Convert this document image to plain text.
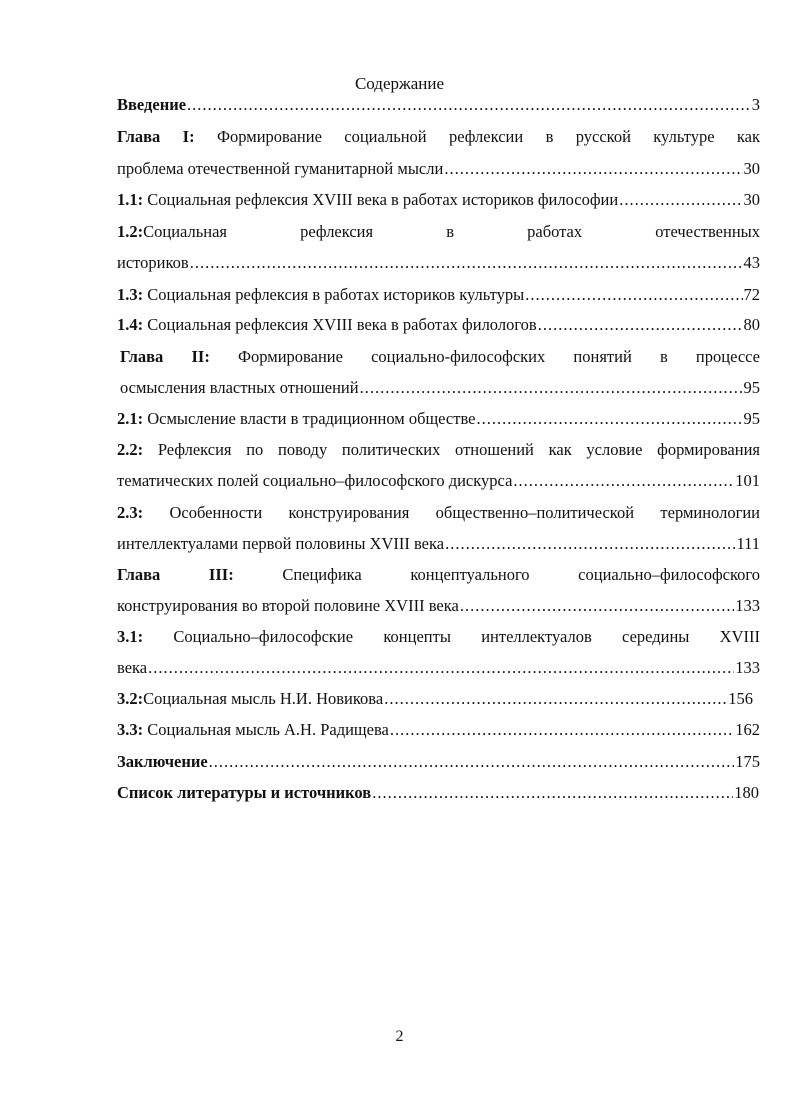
Содержание
Введение .....	3
Глава I: Формирование социальной рефлексии в русской культуре как
проблема отечественной гуманитарной мысли .....	30
1.1: Социальная рефлексия XVIII века в работах историков философии .....	30
1.2:Социальная рефлексия в работах отечественных
историков .....	43
1.3: Социальная рефлексия в работах историков культуры .....	72
1.4: Социальная рефлексия XVIII века в работах филологов .....	80
Глава II: Формирование социально-философских понятий в процессе
осмысления властных отношений .....	95
2.1: Осмысление власти в традиционном обществе .....	95
2.2: Рефлексия по поводу политических отношений как условие формирования
тематических полей социально–философского дискурса .....	101
2.3: Особенности конструирования общественно–политической терминологии
интеллектуалами первой половины XVIII века .....	111
Глава III:	Специфика концептуального социально–философского
конструирования во второй половине XVIII века .....	133
3.1: Социально–философские концепты интеллектуалов середины XVIII
века .....	133
3.2:Социальная мысль Н.И. Новикова .....	156
3.3: Социальная мысль А.Н. Радищева .....	162
Заключение .....	175
Список литературы и источников .....	180
2
